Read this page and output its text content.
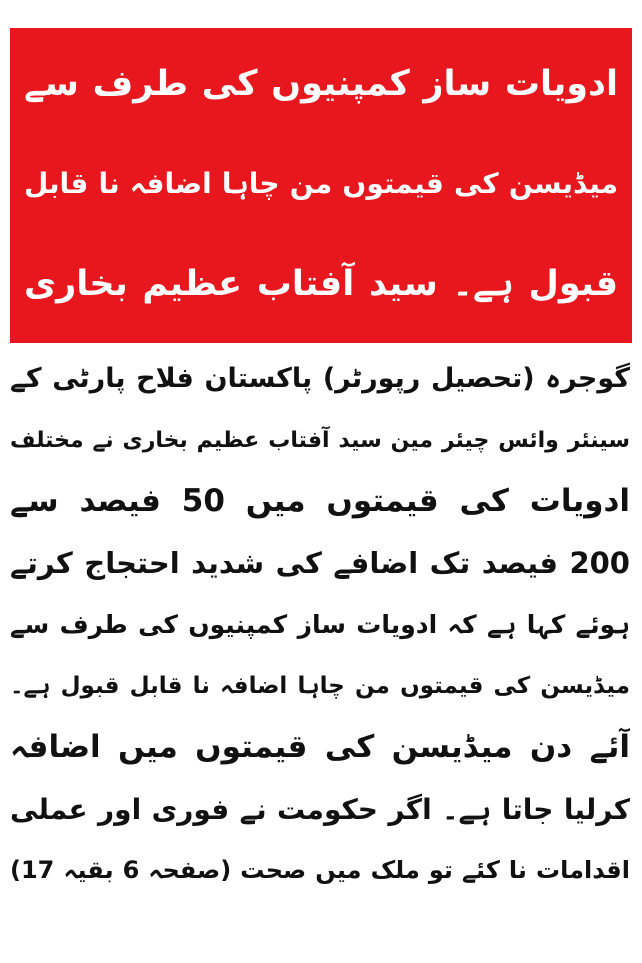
ادویات ساز کمپنیوں کی طرف سے
میڈیسن کی قیمتوں من چاہا اضافہ نا قابل
قبول ہے۔ سید آفتاب عظیم بخاری
گوجرہ (تحصیل رپورٹر) پاکستان فلاح پارٹی کے
سینئر وائس چیئر مین سید آفتاب عظیم بخاری نے مختلف
ادویات کی قیمتوں میں 50 فیصد سے
200 فیصد تک اضافے کی شدید احتجاج کرتے
ہوئے کہا ہے کہ ادویات ساز کمپنیوں کی طرف سے
میڈیسن کی قیمتوں من چاہا اضافہ نا قابل قبول ہے۔
آئے دن میڈیسن کی قیمتوں میں اضافہ
کرلیا جاتا ہے۔ اگر حکومت نے فوری اور عملی
اقدامات نا کئے تو ملک میں صحت (صفحہ 6 بقیہ 17)
